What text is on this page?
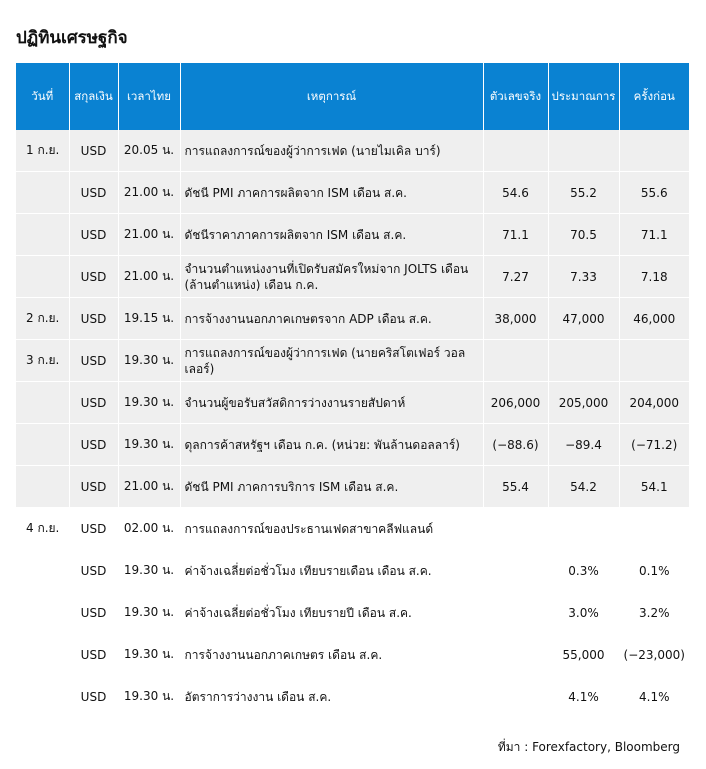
ปฏิทินเศรษฐกิจ
วันที่	สกุลเงิน	เวลาไทย	เหตุการณ์	ตัวเลขจริง	ประมาณการ	ครั้งก่อน
1 ก.ย.	USD	20.05 น.	การแถลงการณ์ของผู้ว่าการเฟด (นายไมเคิล บาร์)			
	USD	21.00 น.	ดัชนี PMI ภาคการผลิตจาก ISM เดือน ส.ค.	54.6	55.2	55.6
	USD	21.00 น.	ดัชนีราคาภาคการผลิตจาก ISM เดือน ส.ค.	71.1	70.5	71.1
	USD	21.00 น.	จำนวนตำแหน่งงานที่เปิดรับสมัครใหม่จาก JOLTS เดือน (ล้านตำแหน่ง) เดือน ก.ค.	7.27	7.33	7.18
2 ก.ย.	USD	19.15 น.	การจ้างงานนอกภาคเกษตรจาก ADP เดือน ส.ค.	38,000	47,000	46,000
3 ก.ย.	USD	19.30 น.	การแถลงการณ์ของผู้ว่าการเฟด (นายคริสโตเฟอร์ วอลเลอร์)			
	USD	19.30 น.	จำนวนผู้ขอรับสวัสดิการว่างงานรายสัปดาห์	206,000	205,000	204,000
	USD	19.30 น.	ดุลการค้าสหรัฐฯ เดือน ก.ค. (หน่วย: พันล้านดอลลาร์)	(−88.6)	−89.4	(−71.2)
	USD	21.00 น.	ดัชนี PMI ภาคการบริการ ISM เดือน ส.ค.	55.4	54.2	54.1
4 ก.ย.	USD	02.00 น.	การแถลงการณ์ของประธานเฟดสาขาคลีฟแลนด์			
	USD	19.30 น.	ค่าจ้างเฉลี่ยต่อชั่วโมง เทียบรายเดือน เดือน ส.ค.		0.3%	0.1%
	USD	19.30 น.	ค่าจ้างเฉลี่ยต่อชั่วโมง เทียบรายปี เดือน ส.ค.		3.0%	3.2%
	USD	19.30 น.	การจ้างงานนอกภาคเกษตร เดือน ส.ค.		55,000	(−23,000)
	USD	19.30 น.	อัตราการว่างงาน เดือน ส.ค.		4.1%	4.1%
ที่มา : Forexfactory, Bloomberg
